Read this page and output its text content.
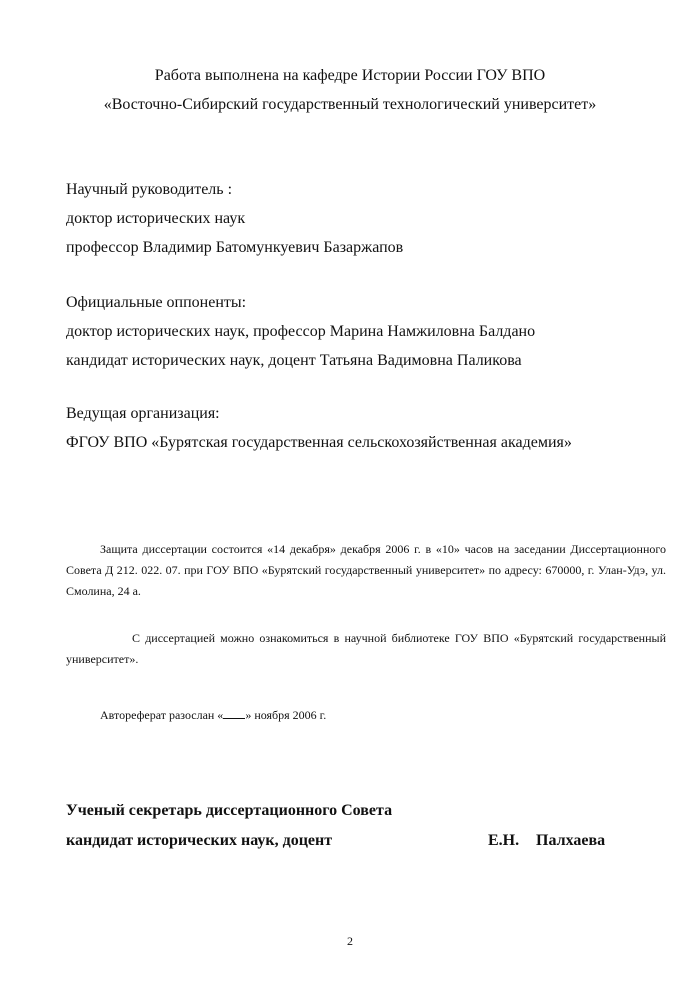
Работа выполнена на кафедре Истории России ГОУ ВПО
«Восточно-Сибирский государственный технологический университет»
Научный руководитель :
доктор исторических наук
профессор Владимир Батомункуевич Базаржапов
Официальные оппоненты:
доктор исторических наук, профессор Марина Намжиловна Балдано
кандидат исторических наук, доцент Татьяна Вадимовна Паликова
Ведущая организация:
ФГОУ ВПО «Бурятская государственная сельскохозяйственная академия»
Защита диссертации состоится «14 декабря» декабря 2006 г. в «10» часов на заседании Диссертационного Совета Д 212. 022. 07. при ГОУ ВПО «Бурятский государственный университет» по адресу: 670000, г. Улан-Удэ, ул. Смолина, 24 а.
С диссертацией можно ознакомиться в научной библиотеке ГОУ ВПО «Бурятский государственный университет».
Автореферат разослан « » ноября 2006 г.
Ученый секретарь диссертационного Совета
кандидат исторических наук, доцент	Е.Н. Палхаева
2
